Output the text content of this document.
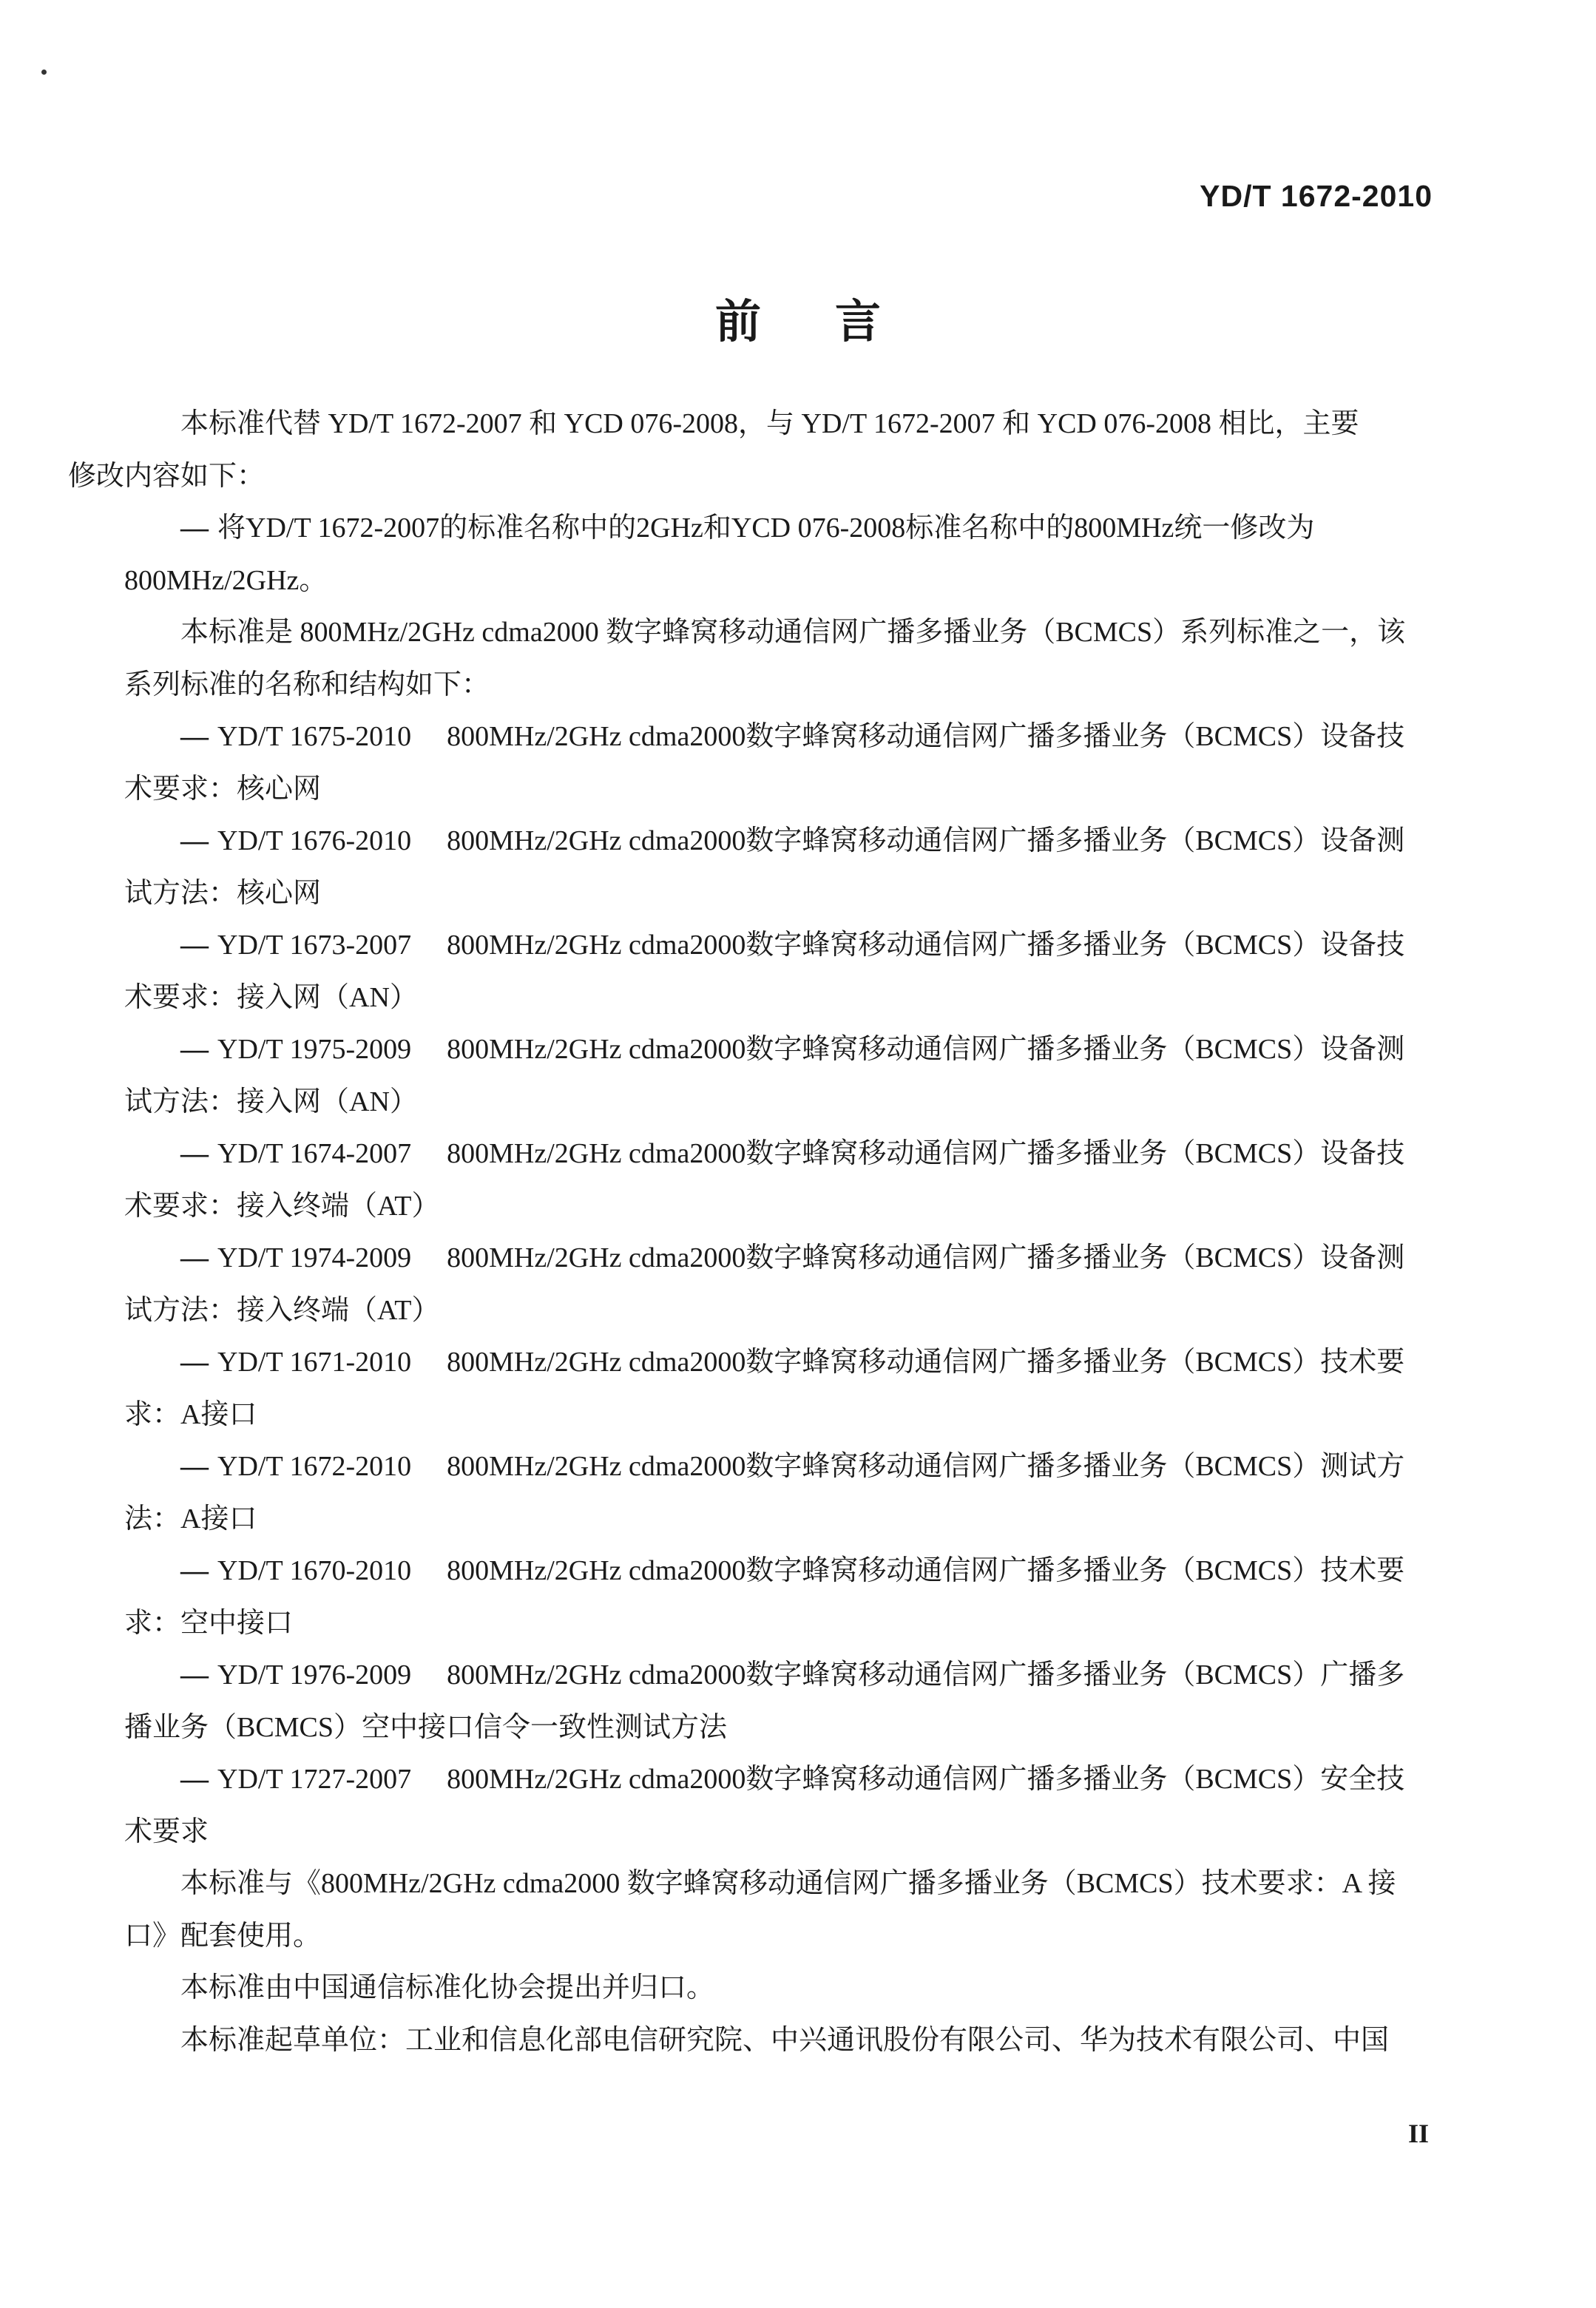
YD/T 1672-2010
前言

本标准代替 YD/T 1672-2007 和 YCD 076-2008，与 YD/T 1672-2007 和 YCD 076-2008 相比，主要
修改内容如下：

— 将YD/T 1672-2007的标准名称中的2GHz和YCD 076-2008标准名称中的800MHz统一修改为
800MHz/2GHz。

本标准是 800MHz/2GHz cdma2000 数字蜂窝移动通信网广播多播业务（BCMCS）系列标准之一，该
系列标准的名称和结构如下：

— YD/T 1675-2010 800MHz/2GHz cdma2000数字蜂窝移动通信网广播多播业务（BCMCS）设备技
术要求：核心网

— YD/T 1676-2010 800MHz/2GHz cdma2000数字蜂窝移动通信网广播多播业务（BCMCS）设备测
试方法：核心网

— YD/T 1673-2007 800MHz/2GHz cdma2000数字蜂窝移动通信网广播多播业务（BCMCS）设备技
术要求：接入网（AN）

— YD/T 1975-2009 800MHz/2GHz cdma2000数字蜂窝移动通信网广播多播业务（BCMCS）设备测
试方法：接入网（AN）

— YD/T 1674-2007 800MHz/2GHz cdma2000数字蜂窝移动通信网广播多播业务（BCMCS）设备技
术要求：接入终端（AT）

— YD/T 1974-2009 800MHz/2GHz cdma2000数字蜂窝移动通信网广播多播业务（BCMCS）设备测
试方法：接入终端（AT）

— YD/T 1671-2010 800MHz/2GHz cdma2000数字蜂窝移动通信网广播多播业务（BCMCS）技术要
求：A接口

— YD/T 1672-2010 800MHz/2GHz cdma2000数字蜂窝移动通信网广播多播业务（BCMCS）测试方
法：A接口

— YD/T 1670-2010 800MHz/2GHz cdma2000数字蜂窝移动通信网广播多播业务（BCMCS）技术要
求：空中接口

— YD/T 1976-2009 800MHz/2GHz cdma2000数字蜂窝移动通信网广播多播业务（BCMCS）广播多
播业务（BCMCS）空中接口信令一致性测试方法

— YD/T 1727-2007 800MHz/2GHz cdma2000数字蜂窝移动通信网广播多播业务（BCMCS）安全技
术要求

本标准与《800MHz/2GHz cdma2000 数字蜂窝移动通信网广播多播业务（BCMCS）技术要求：A 接
口》配套使用。

本标准由中国通信标准化协会提出并归口。

本标准起草单位：工业和信息化部电信研究院、中兴通讯股份有限公司、华为技术有限公司、中国

II
